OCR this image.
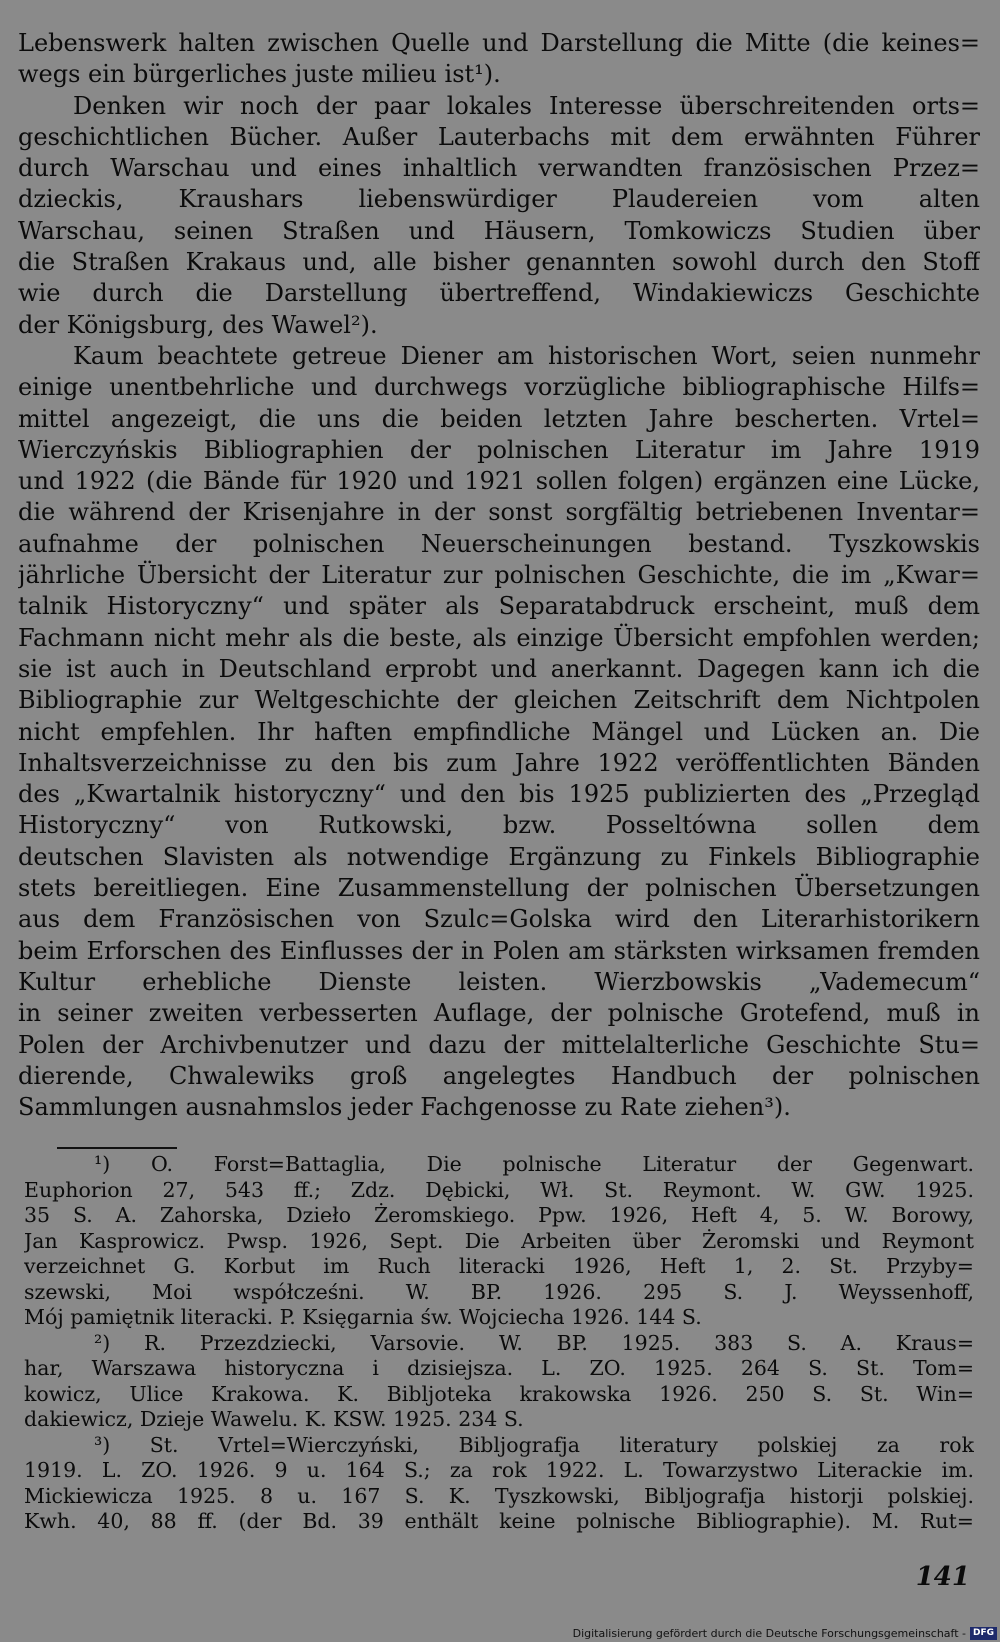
Lebenswerk halten zwischen Quelle und Darstellung die Mitte (die keines=
wegs ein bürgerliches juste milieu ist¹).
Denken wir noch der paar lokales Interesse überschreitenden orts=
geschichtlichen Bücher. Außer Lauterbachs mit dem erwähnten Führer
durch Warschau und eines inhaltlich verwandten französischen Przez=
dzieckis, Kraushars liebenswürdiger Plaudereien vom alten
Warschau, seinen Straßen und Häusern, Tomkowiczs Studien über
die Straßen Krakaus und, alle bisher genannten sowohl durch den Stoff
wie durch die Darstellung übertreffend, Windakiewiczs Geschichte
der Königsburg, des Wawel²).
Kaum beachtete getreue Diener am historischen Wort, seien nunmehr
einige unentbehrliche und durchwegs vorzügliche bibliographische Hilfs=
mittel angezeigt, die uns die beiden letzten Jahre bescherten. Vrtel=
Wierczyńskis Bibliographien der polnischen Literatur im Jahre 1919
und 1922 (die Bände für 1920 und 1921 sollen folgen) ergänzen eine Lücke,
die während der Krisenjahre in der sonst sorgfältig betriebenen Inventar=
aufnahme der polnischen Neuerscheinungen bestand. Tyszkowskis
jährliche Übersicht der Literatur zur polnischen Geschichte, die im „Kwar=
talnik Historyczny“ und später als Separatabdruck erscheint, muß dem
Fachmann nicht mehr als die beste, als einzige Übersicht empfohlen werden;
sie ist auch in Deutschland erprobt und anerkannt. Dagegen kann ich die
Bibliographie zur Weltgeschichte der gleichen Zeitschrift dem Nichtpolen
nicht empfehlen. Ihr haften empfindliche Mängel und Lücken an. Die
Inhaltsverzeichnisse zu den bis zum Jahre 1922 veröffentlichten Bänden
des „Kwartalnik historyczny“ und den bis 1925 publizierten des „Przegląd
Historyczny“ von Rutkowski, bzw. Posseltówna sollen dem
deutschen Slavisten als notwendige Ergänzung zu Finkels Bibliographie
stets bereitliegen. Eine Zusammenstellung der polnischen Übersetzungen
aus dem Französischen von Szulc=Golska wird den Literarhistorikern
beim Erforschen des Einflusses der in Polen am stärksten wirksamen fremden
Kultur erhebliche Dienste leisten. Wierzbowskis „Vademecum“
in seiner zweiten verbesserten Auflage, der polnische Grotefend, muß in
Polen der Archivbenutzer und dazu der mittelalterliche Geschichte Stu=
dierende, Chwalewiks groß angelegtes Handbuch der polnischen
Sammlungen ausnahmslos jeder Fachgenosse zu Rate ziehen³).
¹) O. Forst=Battaglia, Die polnische Literatur der Gegenwart.
Euphorion 27, 543 ff.; Zdz. Dębicki, Wł. St. Reymont. W. GW. 1925.
35 S. A. Zahorska, Dzieło Żeromskiego. Ppw. 1926, Heft 4, 5. W. Borowy,
Jan Kasprowicz. Pwsp. 1926, Sept. Die Arbeiten über Żeromski und Reymont
verzeichnet G. Korbut im Ruch literacki 1926, Heft 1, 2. St. Przyby=
szewski, Moi współcześni. W. BP. 1926. 295 S. J. Weyssenhoff,
Mój pamiętnik literacki. P. Księgarnia św. Wojciecha 1926. 144 S.
²) R. Przezdziecki, Varsovie. W. BP. 1925. 383 S. A. Kraus=
har, Warszawa historyczna i dzisiejsza. L. ZO. 1925. 264 S. St. Tom=
kowicz, Ulice Krakowa. K. Bibljoteka krakowska 1926. 250 S. St. Win=
dakiewicz, Dzieje Wawelu. K. KSW. 1925. 234 S.
³) St. Vrtel=Wierczyński, Bibljografja literatury polskiej za rok
1919. L. ZO. 1926. 9 u. 164 S.; za rok 1922. L. Towarzystwo Literackie im.
Mickiewicza 1925. 8 u. 167 S. K. Tyszkowski, Bibljografja historji polskiej.
Kwh. 40, 88 ff. (der Bd. 39 enthält keine polnische Bibliographie). M. Rut=
141
Digitalisierung gefördert durch die Deutsche Forschungsgemeinschaft - DFG
